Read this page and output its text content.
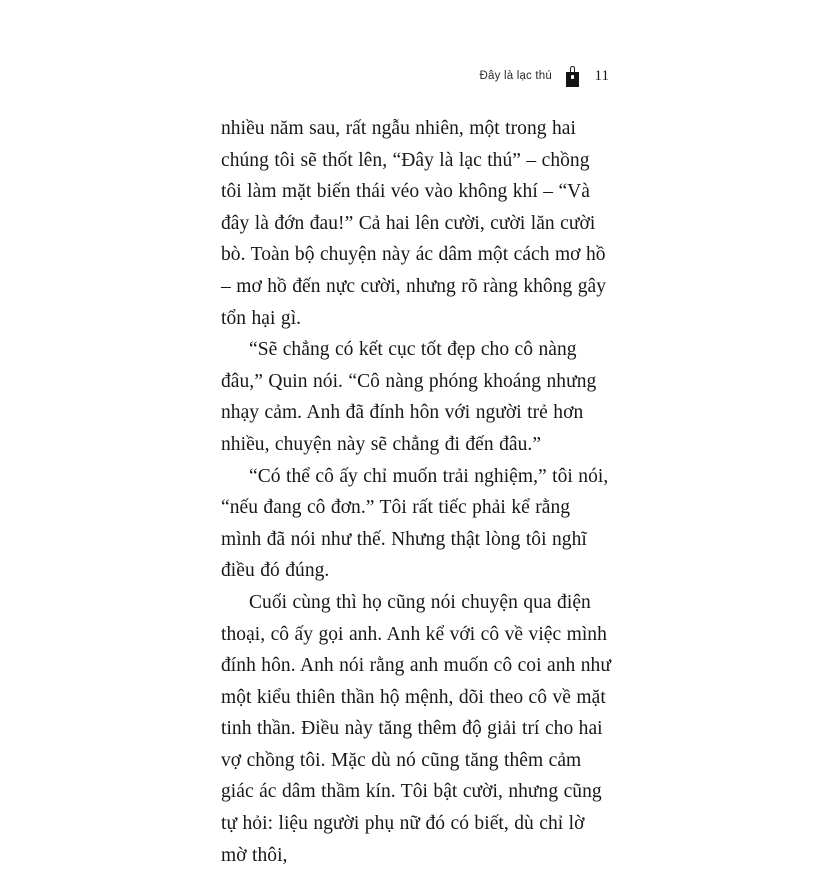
Đây là lạc thú	11

nhiều năm sau, rất ngẫu nhiên, một trong hai chúng tôi sẽ thốt lên, “Đây là lạc thú” – chồng tôi làm mặt biến thái véo vào không khí – “Và đây là đớn đau!” Cả hai lên cười, cười lăn cười bò. Toàn bộ chuyện này ác dâm một cách mơ hồ – mơ hồ đến nực cười, nhưng rõ ràng không gây tổn hại gì.

“Sẽ chẳng có kết cục tốt đẹp cho cô nàng đâu,” Quin nói. “Cô nàng phóng khoáng nhưng nhạy cảm. Anh đã đính hôn với người trẻ hơn nhiều, chuyện này sẽ chẳng đi đến đâu.”

“Có thể cô ấy chỉ muốn trải nghiệm,” tôi nói, “nếu đang cô đơn.” Tôi rất tiếc phải kể rằng mình đã nói như thế. Nhưng thật lòng tôi nghĩ điều đó đúng.

Cuối cùng thì họ cũng nói chuyện qua điện thoại, cô ấy gọi anh. Anh kể với cô về việc mình đính hôn. Anh nói rằng anh muốn cô coi anh như một kiểu thiên thần hộ mệnh, dõi theo cô về mặt tinh thần. Điều này tăng thêm độ giải trí cho hai vợ chồng tôi. Mặc dù nó cũng tăng thêm cảm giác ác dâm thầm kín. Tôi bật cười, nhưng cũng tự hỏi: liệu người phụ nữ đó có biết, dù chỉ lờ mờ thôi,
